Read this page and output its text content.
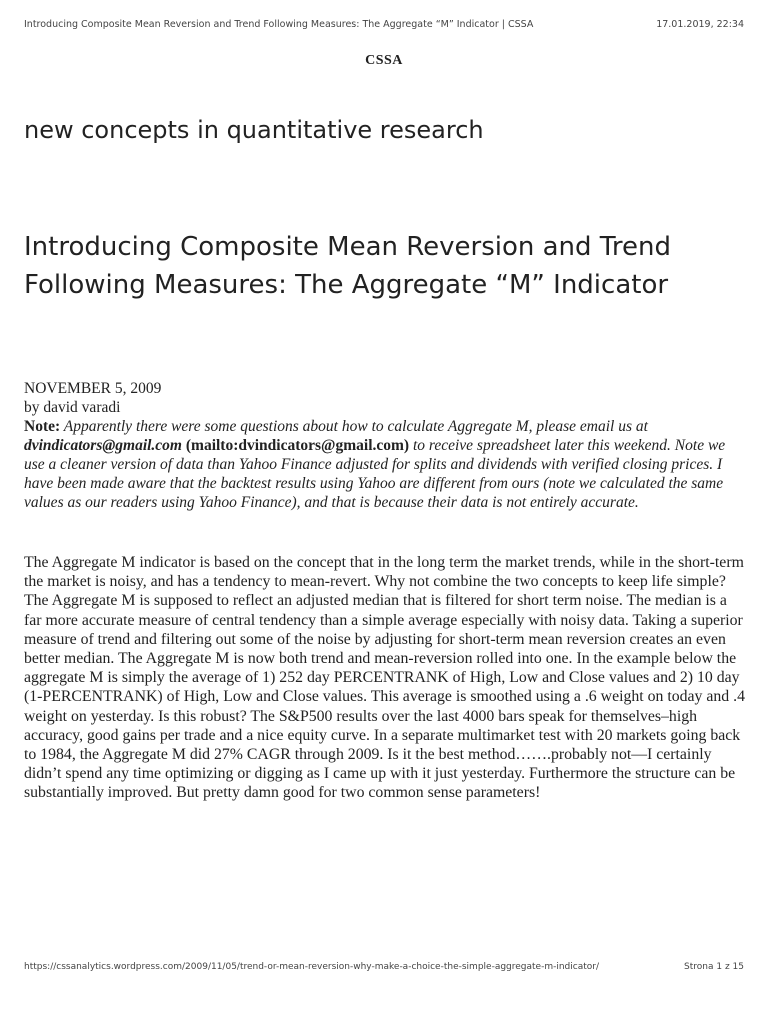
Introducing Composite Mean Reversion and Trend Following Measures: The Aggregate “M” Indicator | CSSA	17.01.2019, 22:34
CSSA
new concepts in quantitative research
Introducing Composite Mean Reversion and Trend Following Measures: The Aggregate “M” Indicator
NOVEMBER 5, 2009
by david varadi
Note: Apparently there were some questions about how to calculate Aggregate M, please email us at dvindicators@gmail.com (mailto:dvindicators@gmail.com) to receive spreadsheet later this weekend. Note we use a cleaner version of data than Yahoo Finance adjusted for splits and dividends with verified closing prices. I have been made aware that the backtest results using Yahoo are different from ours (note we calculated the same values as our readers using Yahoo Finance), and that is because their data is not entirely accurate.

The Aggregate M indicator is based on the concept that in the long term the market trends, while in the short-term the market is noisy, and has a tendency to mean-revert. Why not combine the two concepts to keep life simple? The Aggregate M is supposed to reflect an adjusted median that is filtered for short term noise. The median is a far more accurate measure of central tendency than a simple average especially with noisy data. Taking a superior measure of trend and filtering out some of the noise by adjusting for short-term mean reversion creates an even better median. The Aggregate M is now both trend and mean-reversion rolled into one. In the example below the aggregate M is simply the average of 1) 252 day PERCENTRANK of High, Low and Close values and 2) 10 day (1-PERCENTRANK) of High, Low and Close values. This average is smoothed using a .6 weight on today and .4 weight on yesterday. Is this robust? The S&P500 results over the last 4000 bars speak for themselves–high accuracy, good gains per trade and a nice equity curve. In a separate multimarket test with 20 markets going back to 1984, the Aggregate M did 27% CAGR through 2009. Is it the best method…….probably not—I certainly didn’t spend any time optimizing or digging as I came up with it just yesterday. Furthermore the structure can be substantially improved. But pretty damn good for two common sense parameters!

https://cssanalytics.wordpress.com/2009/11/05/trend-or-mean-reversion-why-make-a-choice-the-simple-aggregate-m-indicator/	Strona 1 z 15
